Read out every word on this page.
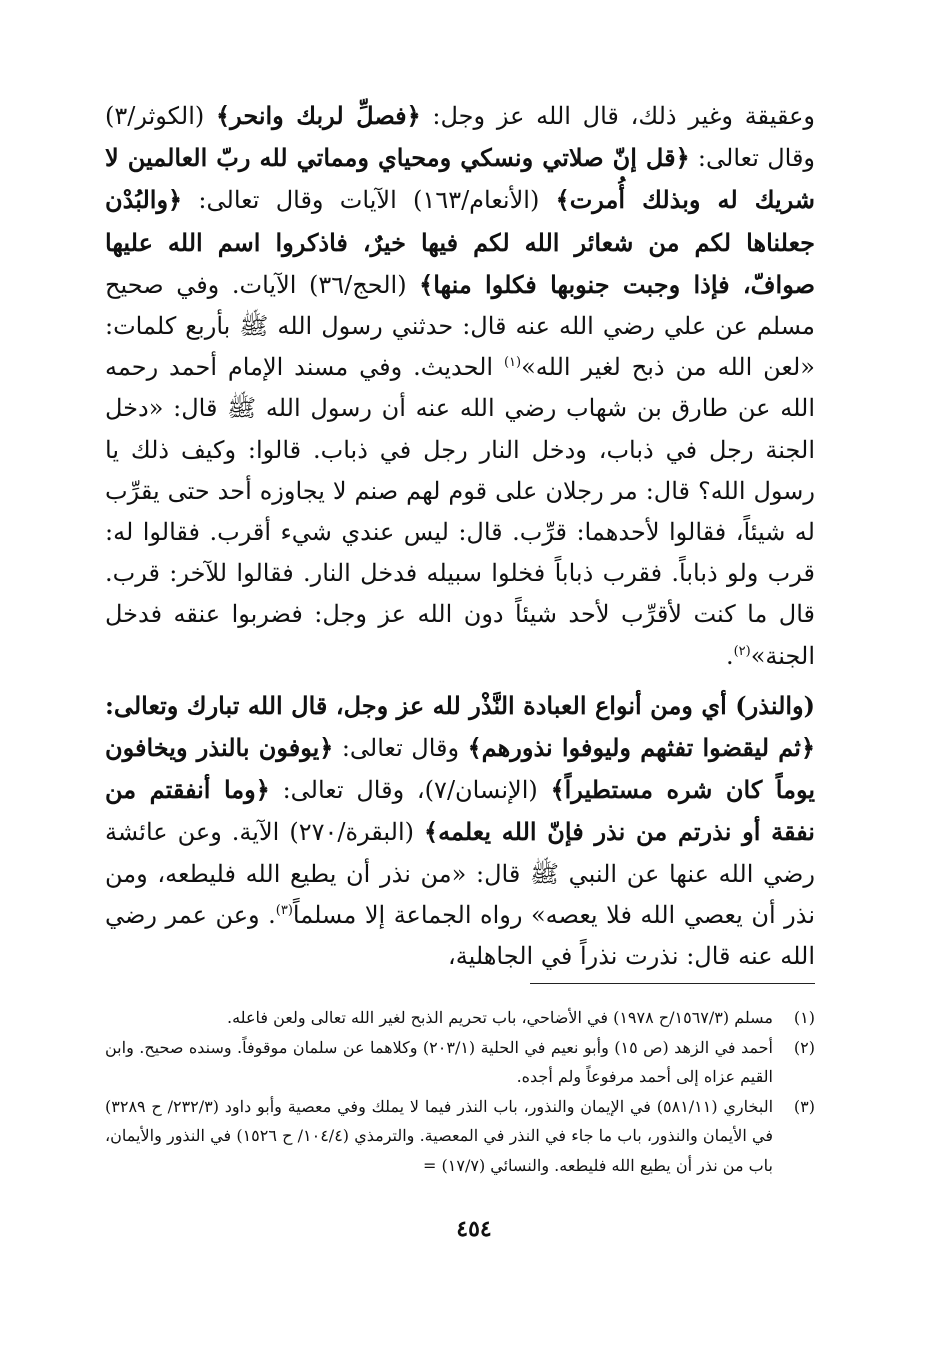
وعقيقة وغير ذلك، قال الله عز وجل: ﴿فصلِّ لربك وانحر﴾ (الكوثر/٣) وقال تعالى: ﴿قل إنّ صلاتي ونسكي ومحياي ومماتي لله ربّ العالمين لا شريك له وبذلك أُمرت﴾ (الأنعام/١٦٣) الآيات وقال تعالى: ﴿والبُدْن جعلناها لكم من شعائر الله لكم فيها خيرٌ، فاذكروا اسم الله عليها صوافّ، فإذا وجبت جنوبها فكلوا منها﴾ (الحج/٣٦) الآيات. وفي صحيح مسلم عن علي رضي الله عنه قال: حدثني رسول الله ﷺ بأربع كلمات: «لعن الله من ذبح لغير الله»$^{(١)}$ الحديث. وفي مسند الإمام أحمد رحمه الله عن طارق بن شهاب رضي الله عنه أن رسول الله ﷺ قال: «دخل الجنة رجل في ذباب، ودخل النار رجل في ذباب. قالوا: وكيف ذلك يا رسول الله؟ قال: مر رجلان على قوم لهم صنم لا يجاوزه أحد حتى يقرِّب له شيئاً، فقالوا لأحدهما: قرِّب. قال: ليس عندي شيء أقرب. فقالوا له: قرب ولو ذباباً. فقرب ذباباً فخلوا سبيله فدخل النار. فقالوا للآخر: قرب. قال ما كنت لأقرِّب لأحد شيئاً دون الله عز وجل: فضربوا عنقه فدخل الجنة»$^{(٢)}$.

(والنذر) أي ومن أنواع العبادة النَّذْر لله عز وجل، قال الله تبارك وتعالى: ﴿ثم ليقضوا تفثهم وليوفوا نذورهم﴾ وقال تعالى: ﴿يوفون بالنذر ويخافون يوماً كان شره مستطيراً﴾ (الإنسان/٧)، وقال تعالى: ﴿وما أنفقتم من نفقة أو نذرتم من نذر فإنّ الله يعلمه﴾ (البقرة/٢٧٠) الآية. وعن عائشة رضي الله عنها عن النبي ﷺ قال: «من نذر أن يطيع الله فليطعه، ومن نذر أن يعصي الله فلا يعصه» رواه الجماعة إلا مسلماً$^{(٣)}$. وعن عمر رضي الله عنه قال: نذرت نذراً في الجاهلية،

(١)
مسلم (١٥٦٧/٣/ح ١٩٧٨) في الأضاحي، باب تحريم الذبح لغير الله تعالى ولعن فاعله.
(٢)
أحمد في الزهد (ص ١٥) وأبو نعيم في الحلية (٢٠٣/١) وكلاهما عن سلمان موقوفاً. وسنده صحيح. وابن القيم عزاه إلى أحمد مرفوعاً ولم أجده.
(٣)
البخاري (٥٨١/١١) في الإيمان والنذور، باب النذر فيما لا يملك وفي معصية وأبو داود (٢٣٢/٣/ ح ٣٢٨٩) في الأيمان والنذور، باب ما جاء في النذر في المعصية. والترمذي (١٠٤/٤/ ح ١٥٢٦) في النذور والأيمان، باب من نذر أن يطيع الله فليطعه. والنسائي (١٧/٧) =
٤٥٤
